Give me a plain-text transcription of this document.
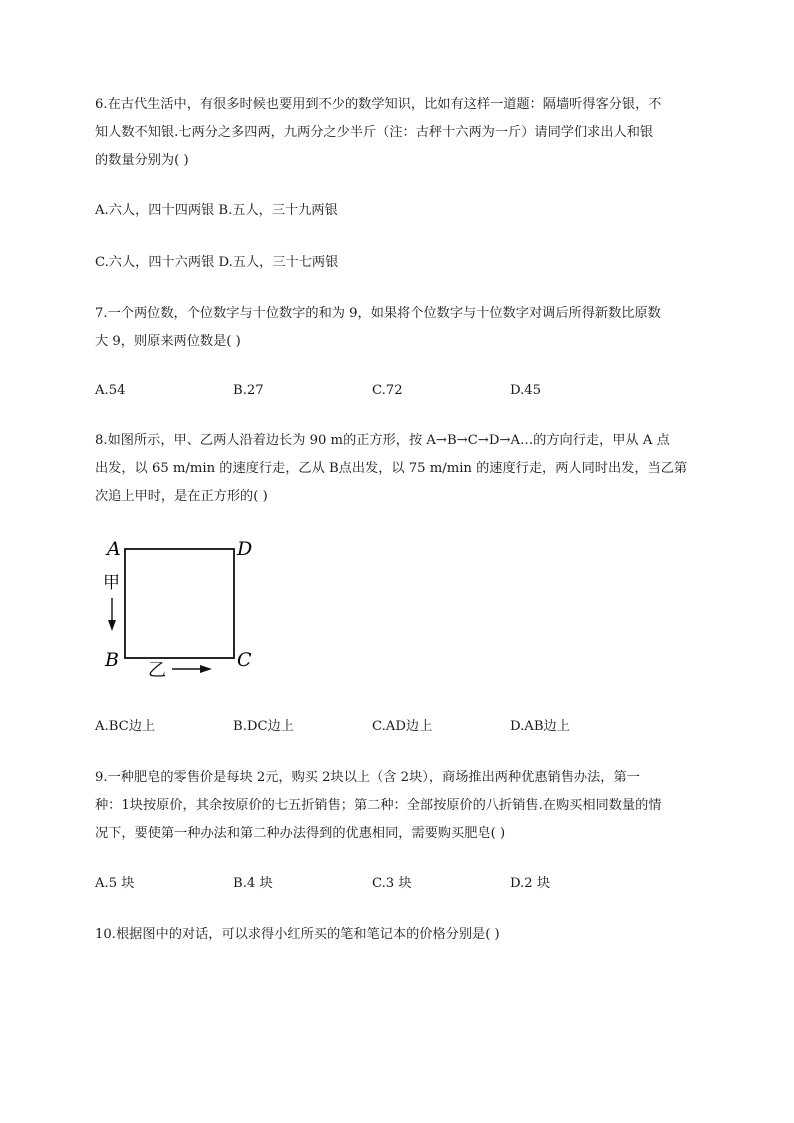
6.在古代生活中，有很多时候也要用到不少的数学知识，比如有这样一道题：隔墙听得客分银，不
知人数不知银.七两分之多四两，九两分之少半斤（注：古秤十六两为一斤）请同学们求出人和银
的数量分别为( )
A.六人，四十四两银 B.五人，三十九两银
C.六人，四十六两银 D.五人，三十七两银
7.一个两位数，个位数字与十位数字的和为 9，如果将个位数字与十位数字对调后所得新数比原数
大 9，则原来两位数是( )
A.54	B.27	C.72	D.45
8.如图所示，甲、乙两人沿着边长为 90 m的正方形，按 A→B→C→D→A…的方向行走，甲从 A 点
出发，以 65 m/min 的速度行走，乙从 B点出发，以 75 m/min 的速度行走，两人同时出发，当乙第
次追上甲时，是在正方形的( )
A	D
B	C
甲
乙
A.BC边上	B.DC边上	C.AD边上	D.AB边上
9.一种肥皂的零售价是每块 2元，购买 2块以上（含 2块），商场推出两种优惠销售办法，第一
种：1块按原价，其余按原价的七五折销售；第二种：全部按原价的八折销售.在购买相同数量的情
况下，要使第一种办法和第二种办法得到的优惠相同，需要购买肥皂( )
A.5 块	B.4 块	C.3 块	D.2 块
10.根据图中的对话，可以求得小红所买的笔和笔记本的价格分别是( )
